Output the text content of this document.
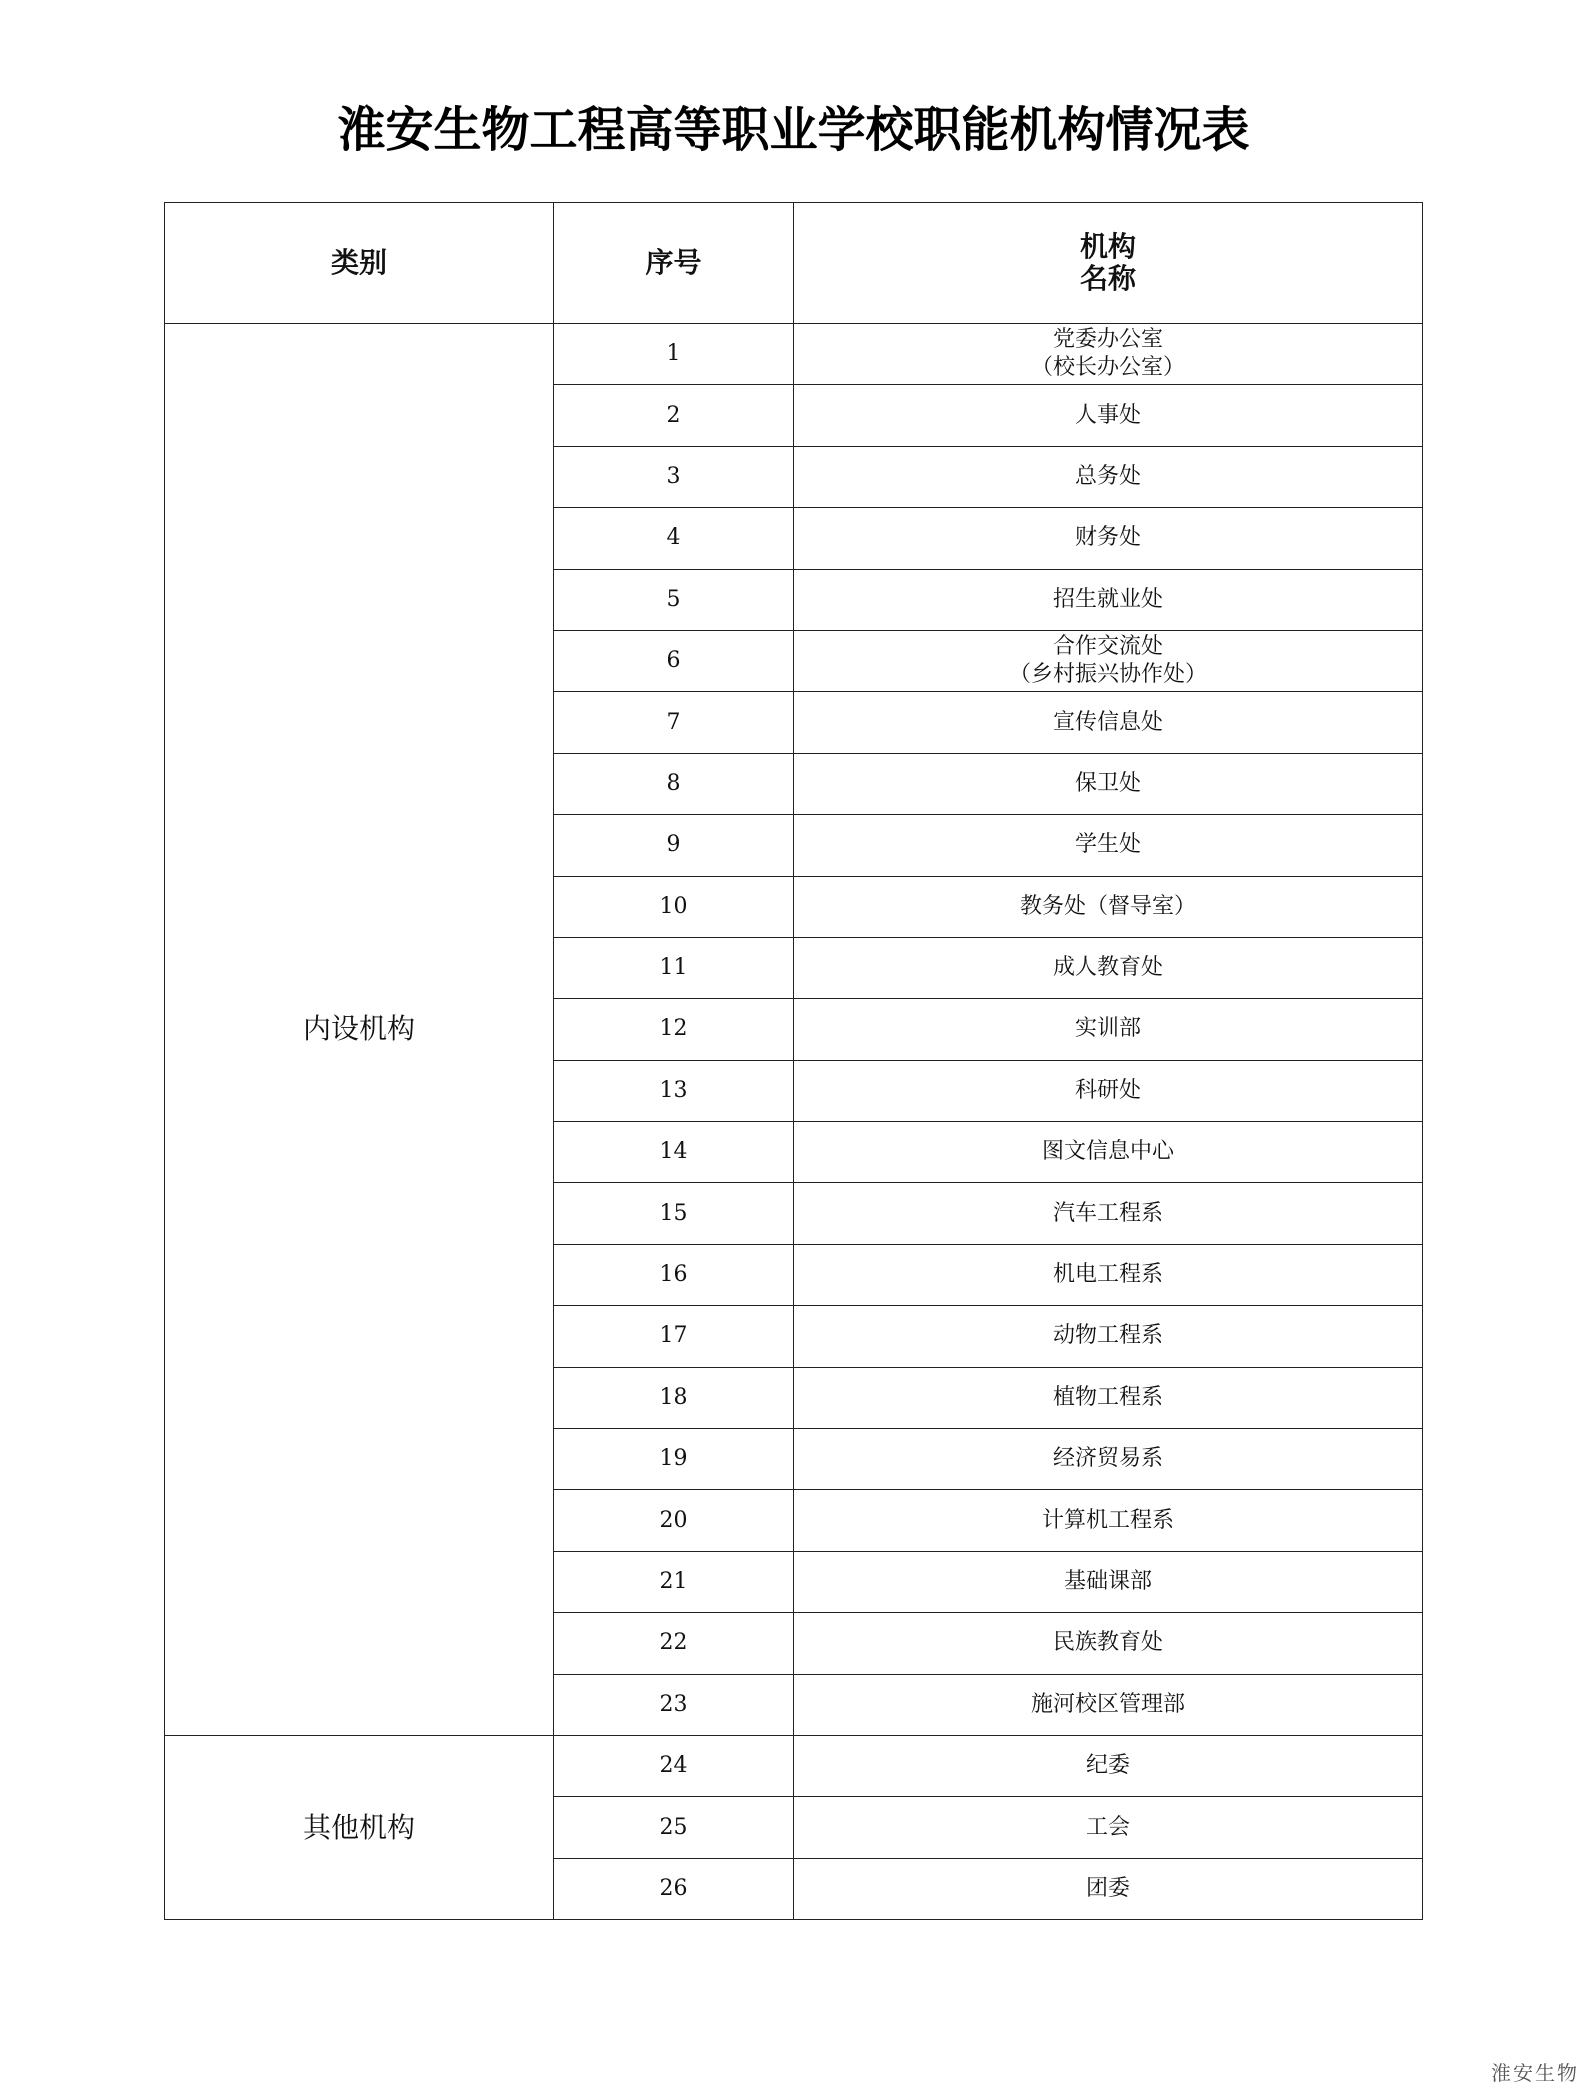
淮安生物工程高等职业学校职能机构情况表
类别	序号	机构
名称

内设机构	1	党委办公室
（校长办公室）

	2	人事处

	3	总务处

	4	财务处

	5	招生就业处

	6	合作交流处
（乡村振兴协作处）

	7	宣传信息处

	8	保卫处

	9	学生处

	10	教务处（督导室）

	11	成人教育处

	12	实训部

	13	科研处

	14	图文信息中心

	15	汽车工程系

	16	机电工程系

	17	动物工程系

	18	植物工程系

	19	经济贸易系

	20	计算机工程系

	21	基础课部

	22	民族教育处

	23	施河校区管理部

其他机构	24	纪委

	25	工会

	26	团委
淮安生物
